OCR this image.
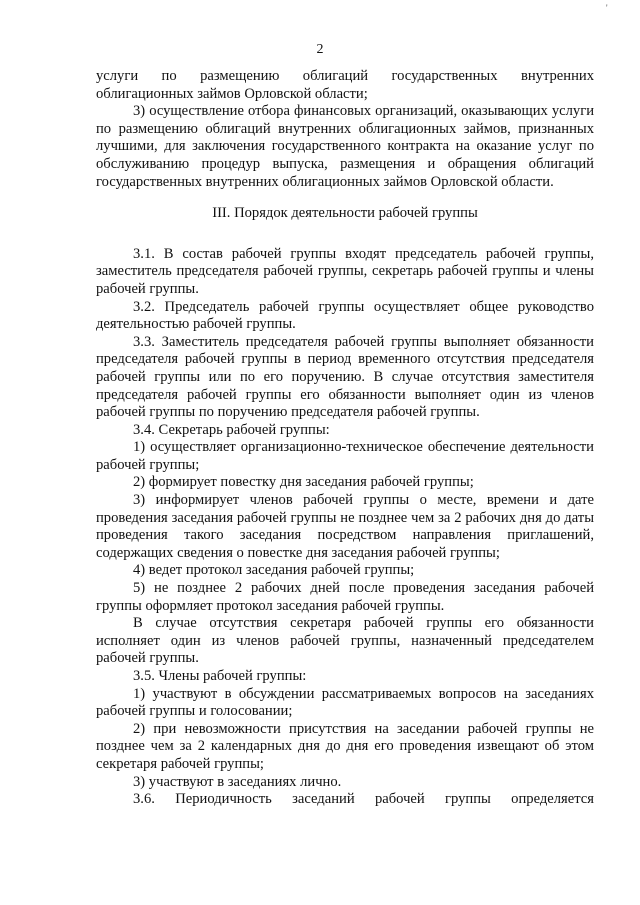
'
2

услуги по размещению облигаций государственных внутренних облигационных займов Орловской области;

3) осуществление отбора финансовых организаций, оказывающих услуги по размещению облигаций внутренних облигационных займов, признанных лучшими, для заключения государственного контракта на оказание услуг по обслуживанию процедур выпуска, размещения и обращения облигаций государственных внутренних облигационных займов Орловской области.

III. Порядок деятельности рабочей группы

3.1. В состав рабочей группы входят председатель рабочей группы, заместитель председателя рабочей группы, секретарь рабочей группы и члены рабочей группы.

3.2. Председатель рабочей группы осуществляет общее руководство деятельностью рабочей группы.

3.3. Заместитель председателя рабочей группы выполняет обязанности председателя рабочей группы в период временного отсутствия председателя рабочей группы или по его поручению. В случае отсутствия заместителя председателя рабочей группы его обязанности выполняет один из членов рабочей группы по поручению председателя рабочей группы.

3.4. Секретарь рабочей группы:

1) осуществляет организационно-техническое обеспечение деятельности рабочей группы;

2) формирует повестку дня заседания рабочей группы;

3) информирует членов рабочей группы о месте, времени и дате проведения заседания рабочей группы не позднее чем за 2 рабочих дня до даты проведения такого заседания посредством направления приглашений, содержащих сведения о повестке дня заседания рабочей группы;

4) ведет протокол заседания рабочей группы;

5) не позднее 2 рабочих дней после проведения заседания рабочей группы оформляет протокол заседания рабочей группы.

В случае отсутствия секретаря рабочей группы его обязанности исполняет один из членов рабочей группы, назначенный председателем рабочей группы.

3.5. Члены рабочей группы:

1) участвуют в обсуждении рассматриваемых вопросов на заседаниях рабочей группы и голосовании;

2) при невозможности присутствия на заседании рабочей группы не позднее чем за 2 календарных дня до дня его проведения извещают об этом секретаря рабочей группы;

3) участвуют в заседаниях лично.

3.6. Периодичность заседаний рабочей группы определяется
